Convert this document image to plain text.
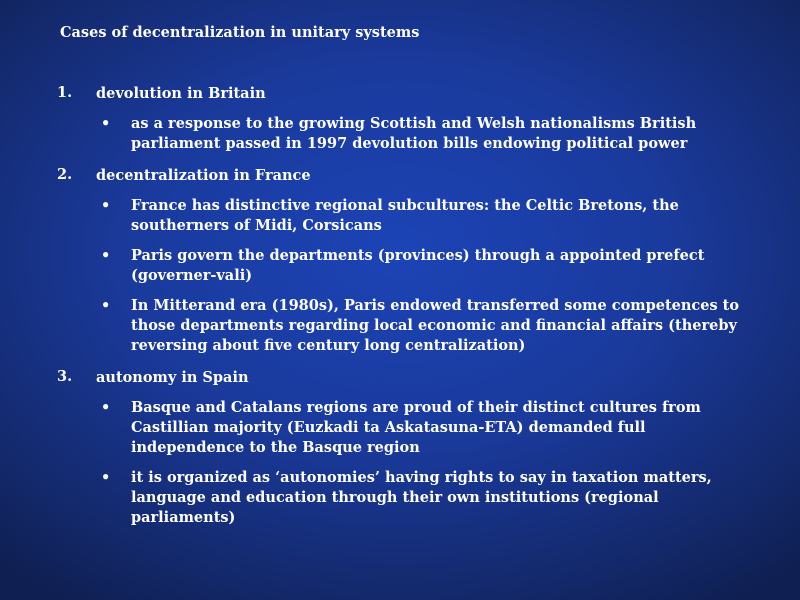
Cases of decentralization in unitary systems
1. devolution in Britain
• as a response to the growing Scottish and Welsh nationalisms British parliament passed in 1997 devolution bills endowing political power
2. decentralization in France
• France has distinctive regional subcultures: the Celtic Bretons, the southerners of Midi, Corsicans
• Paris govern the departments (provinces) through a appointed prefect (governer-vali)
• In Mitterand era (1980s), Paris endowed transferred some competences to those departments regarding local economic and financial affairs (thereby reversing about five century long centralization)
3. autonomy in Spain
• Basque and Catalans regions are proud of their distinct cultures from Castillian majority (Euzkadi ta Askatasuna-ETA) demanded full independence to the Basque region
• it is organized as ‘autonomies’ having rights to say in taxation matters, language and education through their own institutions (regional parliaments)
